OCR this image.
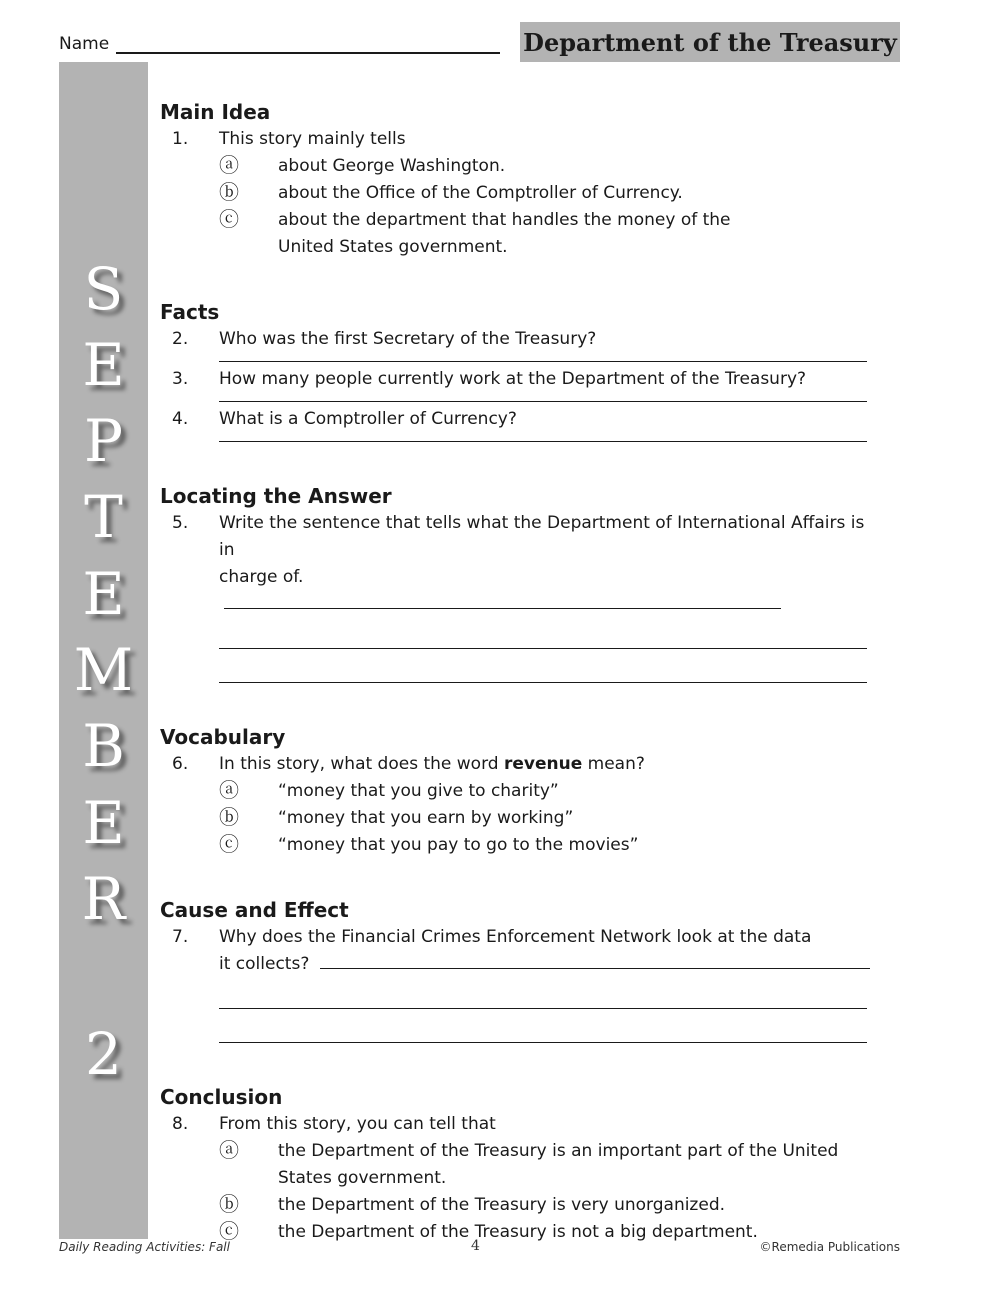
Name	Department of the Treasury
S
E
P
T
E
M
B
E
R
2
Main Idea
1.	This story mainly tells
ⓐ about George Washington.
ⓑ about the Office of the Comptroller of Currency.
ⓒ about the department that handles the money of the
United States government.
Facts
2.	Who was the first Secretary of the Treasury?
3.	How many people currently work at the Department of the Treasury?
4.	What is a Comptroller of Currency?
Locating the Answer
5.	Write the sentence that tells what the Department of International Affairs is in
charge of.
Vocabulary
6.	In this story, what does the word revenue mean?
ⓐ “money that you give to charity”
ⓑ “money that you earn by working”
ⓒ “money that you pay to go to the movies”
Cause and Effect
7.	Why does the Financial Crimes Enforcement Network look at the data
it collects?
Conclusion
8.	From this story, you can tell that
ⓐ the Department of the Treasury is an important part of the United
States government.
ⓑ the Department of the Treasury is very unorganized.
ⓒ the Department of the Treasury is not a big department.
Daily Reading Activities: Fall	4	©Remedia Publications
